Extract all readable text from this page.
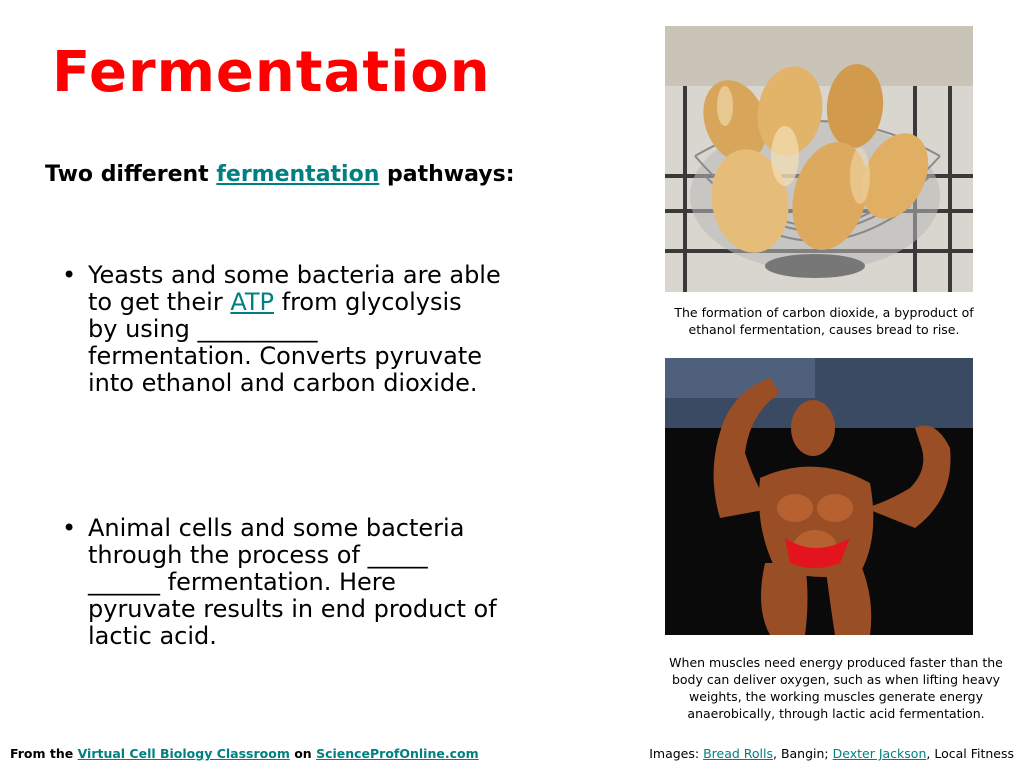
Fermentation

Two different fermentation pathways:

• Yeasts and some bacteria are able
to get their ATP from glycolysis
by using __________
fermentation. Converts pyruvate
into ethanol and carbon dioxide.
• Animal cells and some bacteria
through the process of _____
______ fermentation. Here
pyruvate results in end product of
lactic acid.

The formation of carbon dioxide, a byproduct of ethanol fermentation, causes bread to rise.

When muscles need energy produced faster than the body can deliver oxygen, such as when lifting heavy weights, the working muscles generate energy anaerobically, through lactic acid fermentation.

From the Virtual Cell Biology Classroom on ScienceProfOnline.com	Images: Bread Rolls, Bangin; Dexter Jackson, Local Fitness
